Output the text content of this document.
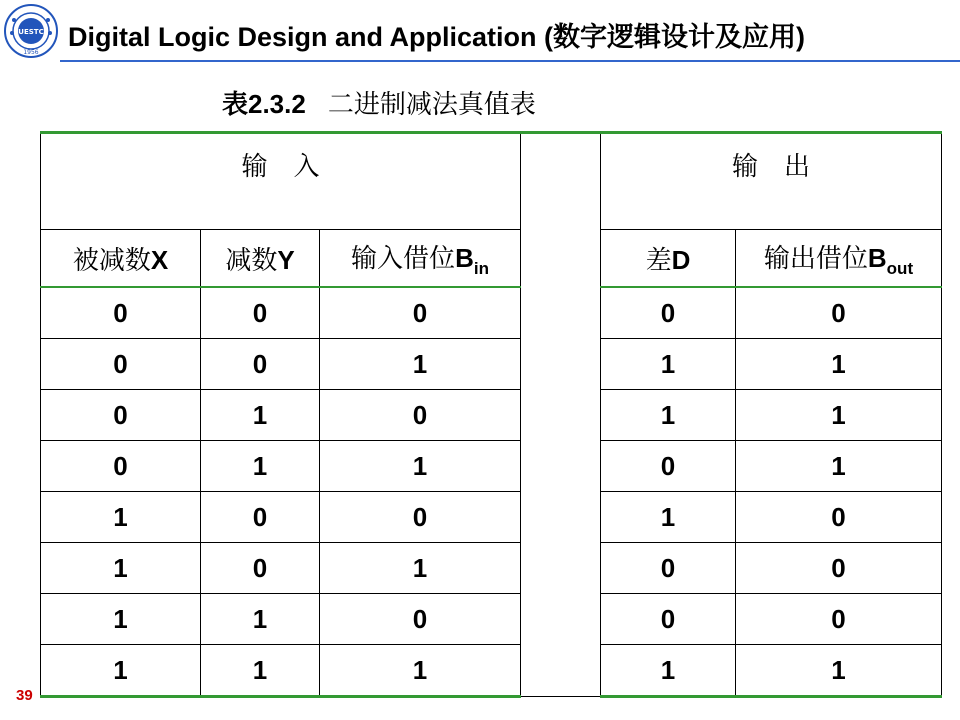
UESTC
1956
Digital Logic Design and Application (数字逻辑设计及应用)
表2.3.2 二进制减法真值表
输　入				输　出	
被减数X	减数Y	输入借位$B_{in}$		差D	输出借位$B_{out}$
0	0	0		0	0
0	0	1		1	1
0	1	0		1	1
0	1	1		0	1
1	0	0		1	0
1	0	1		0	0
1	1	0		0	0
1	1	1		1	1
39
